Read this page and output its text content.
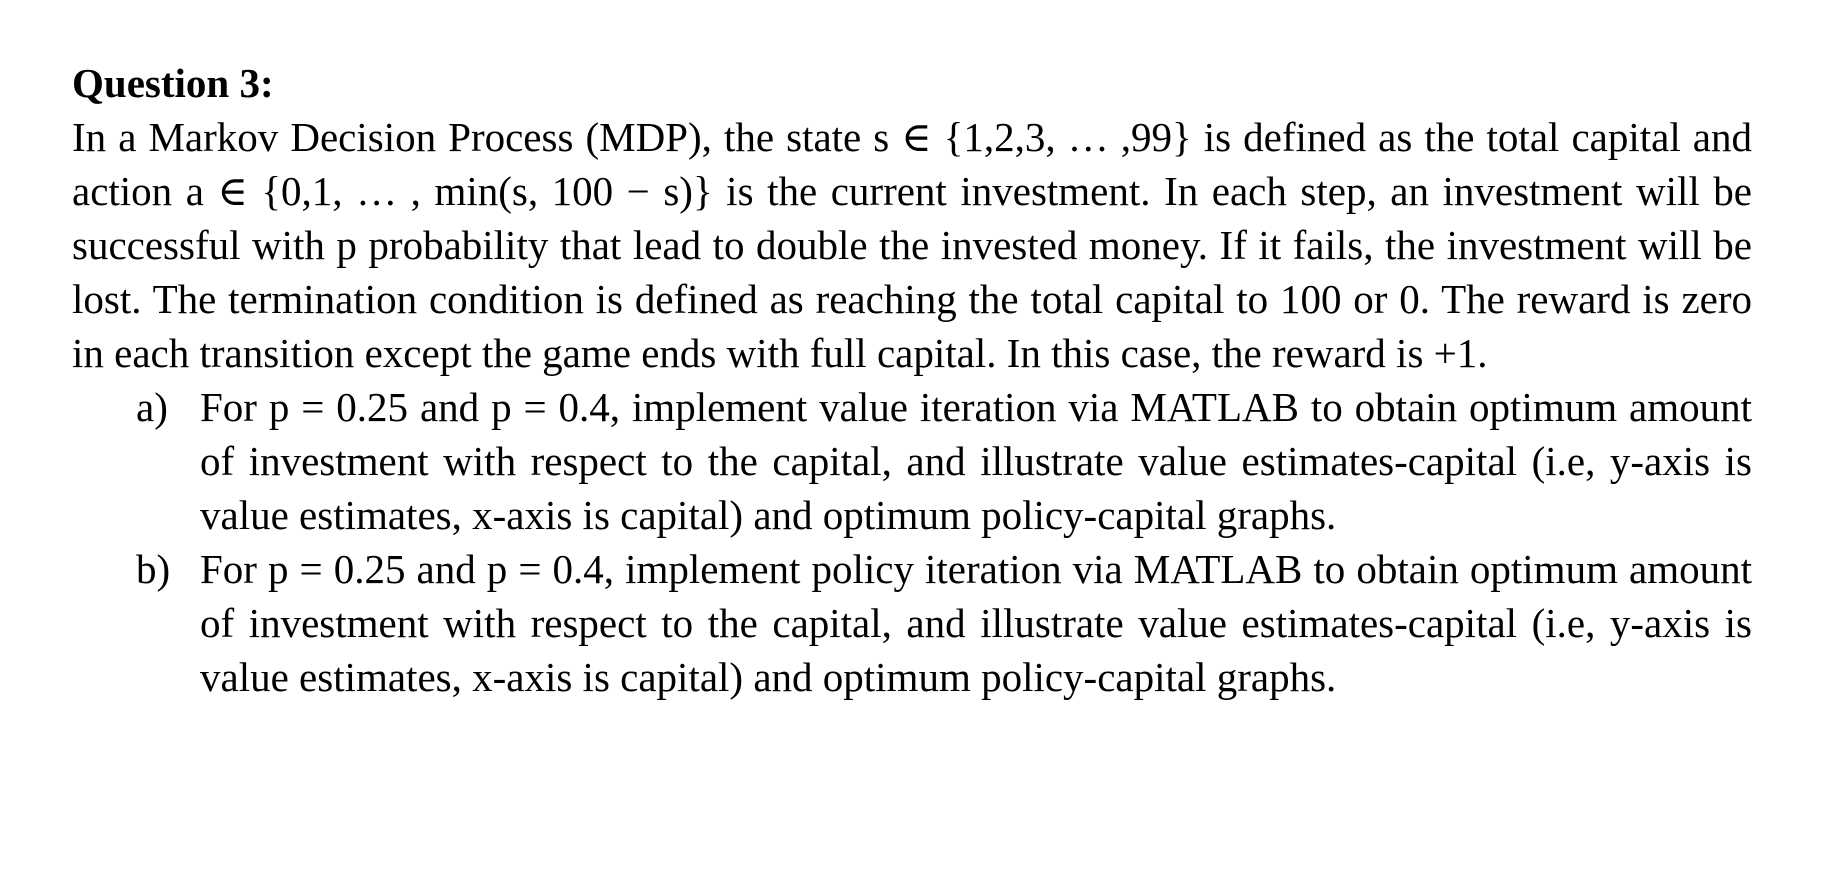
Question 3:

In a Markov Decision Process (MDP), the state s ∈ {1,2,3, … ,99} is defined as the total capital and action a ∈ {0,1, … , min(s, 100 − s)} is the current investment. In each step, an investment will be successful with p probability that lead to double the invested money. If it fails, the investment will be lost. The termination condition is defined as reaching the total capital to 100 or 0. The reward is zero in each transition except the game ends with full capital. In this case, the reward is +1.

a) For p = 0.25 and p = 0.4, implement value iteration via MATLAB to obtain optimum amount of investment with respect to the capital, and illustrate value estimates-capital (i.e, y-axis is value estimates, x-axis is capital) and optimum policy-capital graphs.
b) For p = 0.25 and p = 0.4, implement policy iteration via MATLAB to obtain optimum amount of investment with respect to the capital, and illustrate value estimates-capital (i.e, y-axis is value estimates, x-axis is capital) and optimum policy-capital graphs.
